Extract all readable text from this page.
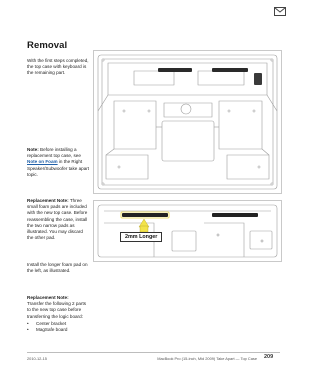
Removal
With the first steps completed, the top case with keyboard is the remaining part.
Note: Before installing a replacement top case, see Note on Foam in the Right Speaker/Subwoofer take apart topic.
Replacement Note: Three small foam pads are included with the new top case. Before reassembling the case, install the two narrow pads as illustrated. You may discard the other pad.
Install the longer foam pad on the left, as illustrated.
Replacement Note:
Transfer the following 2 parts to the new top case before transferring the logic board:
• Center bracket
• MagSafe board
2mm Longer
2010-12-15	MacBook Pro (15-inch, Mid 2009) Take Apart — Top Case 209
